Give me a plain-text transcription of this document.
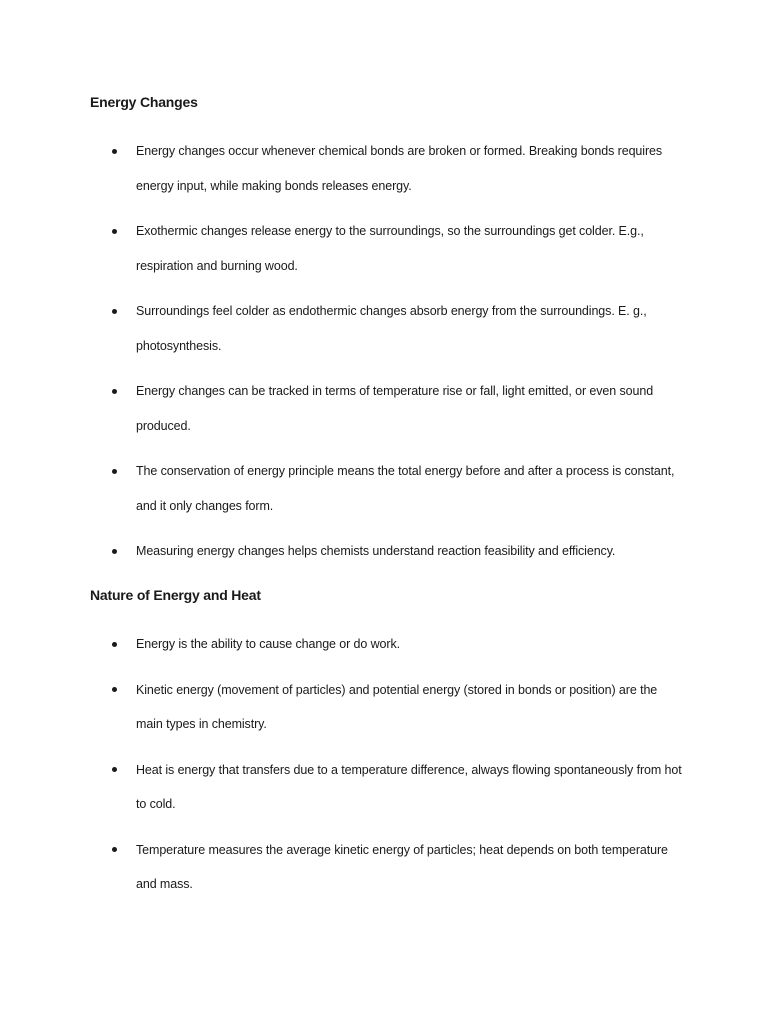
Energy Changes
Energy changes occur whenever chemical bonds are broken or formed. Breaking bonds requires energy input, while making bonds releases energy.
Exothermic changes release energy to the surroundings, so the surroundings get colder. E.g., respiration and burning wood.
Surroundings feel colder as endothermic changes absorb energy from the surroundings. E. g., photosynthesis.
Energy changes can be tracked in terms of temperature rise or fall, light emitted, or even sound produced.
The conservation of energy principle means the total energy before and after a process is constant, and it only changes form.
Measuring energy changes helps chemists understand reaction feasibility and efficiency.
Nature of Energy and Heat
Energy is the ability to cause change or do work.
Kinetic energy (movement of particles) and potential energy (stored in bonds or position) are the main types in chemistry.
Heat is energy that transfers due to a temperature difference, always flowing spontaneously from hot to cold.
Temperature measures the average kinetic energy of particles; heat depends on both temperature and mass.
